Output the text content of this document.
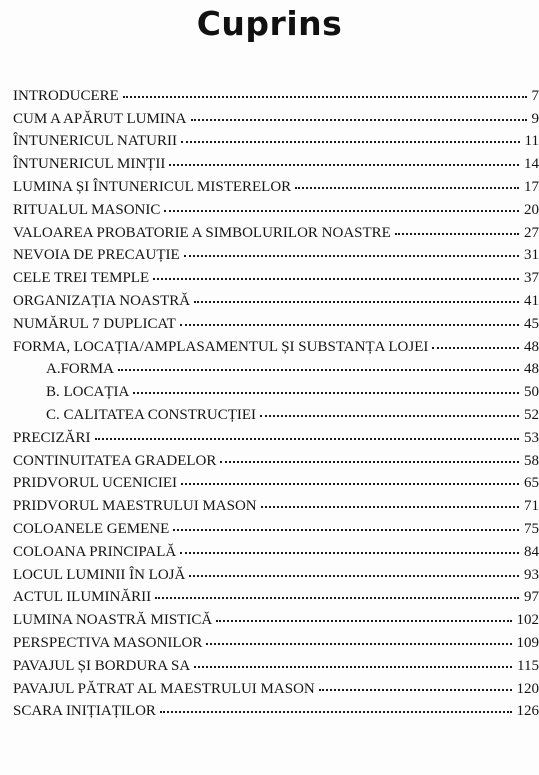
Cuprins
INTRODUCERE	7
CUM A APĂRUT LUMINA	9
ÎNTUNERICUL NATURII	11
ÎNTUNERICUL MINȚII	14
LUMINA ȘI ÎNTUNERICUL MISTERELOR	17
RITUALUL MASONIC	20
VALOAREA PROBATORIE A SIMBOLURILOR NOASTRE	27
NEVOIA DE PRECAUȚIE	31
CELE TREI TEMPLE	37
ORGANIZAȚIA NOASTRĂ	41
NUMĂRUL 7 DUPLICAT	45
FORMA, LOCAȚIA/AMPLASAMENTUL ȘI SUBSTANȚA LOJEI	48
A.FORMA	48
B. LOCAȚIA	50
C. CALITATEA CONSTRUCȚIEI	52
PRECIZĂRI	53
CONTINUITATEA GRADELOR	58
PRIDVORUL UCENICIEI	65
PRIDVORUL MAESTRULUI MASON	71
COLOANELE GEMENE	75
COLOANA PRINCIPALĂ	84
LOCUL LUMINII ÎN LOJĂ	93
ACTUL ILUMINĂRII	97
LUMINA NOASTRĂ MISTICĂ	102
PERSPECTIVA MASONILOR	109
PAVAJUL ȘI BORDURA SA	115
PAVAJUL PĂTRAT AL MAESTRULUI MASON	120
SCARA INIȚIAȚILOR	126
